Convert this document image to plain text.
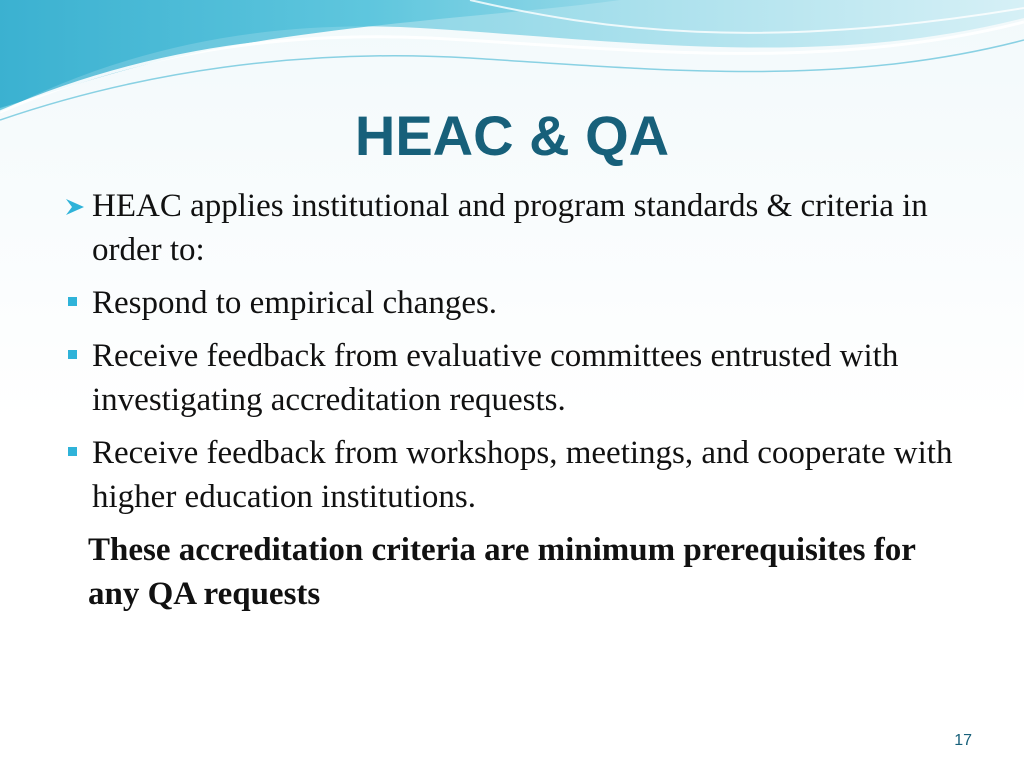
HEAC & QA
HEAC applies institutional and program standards & criteria in order to:
Respond to empirical changes.
Receive feedback from evaluative committees entrusted with investigating accreditation requests.
Receive feedback from workshops, meetings, and cooperate with higher education institutions.
These accreditation criteria are minimum prerequisites for any QA requests
17
